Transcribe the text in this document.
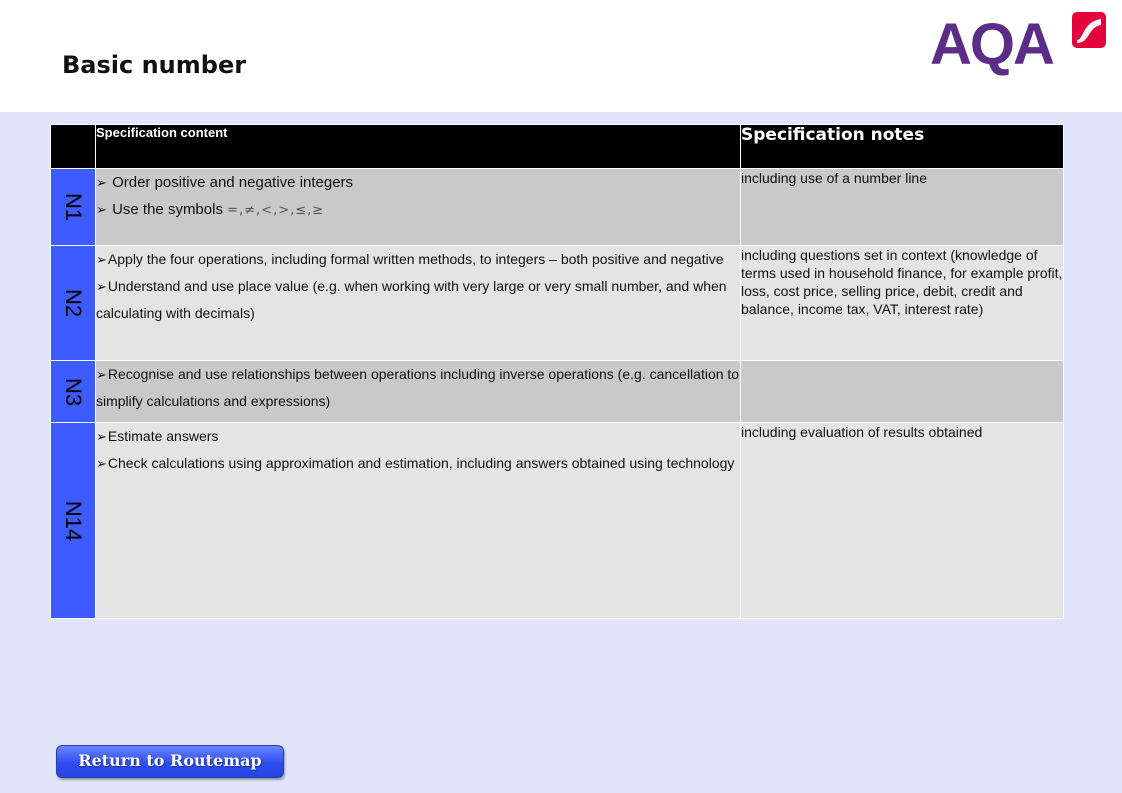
Basic number	AQA
	Specification content	Specification notes

N1	➢ Order positive and negative integers

➢ Use the symbols =,≠,<,>,≤,≥	including use of a number line

N2	➢Apply the four operations, including formal written methods, to integers – both positive and negative

➢Understand and use place value (e.g. when working with very large or very small number, and when calculating with decimals)	including questions set in context (knowledge of terms used in household finance, for example profit, loss, cost price, selling price, debit, credit and balance, income tax, VAT, interest rate)

N3	➢Recognise and use relationships between operations including inverse operations (e.g. cancellation to simplify calculations and expressions)	

N14	➢Estimate answers

➢Check calculations using approximation and estimation, including answers obtained using technology	including evaluation of results obtained
Return to Routemap
